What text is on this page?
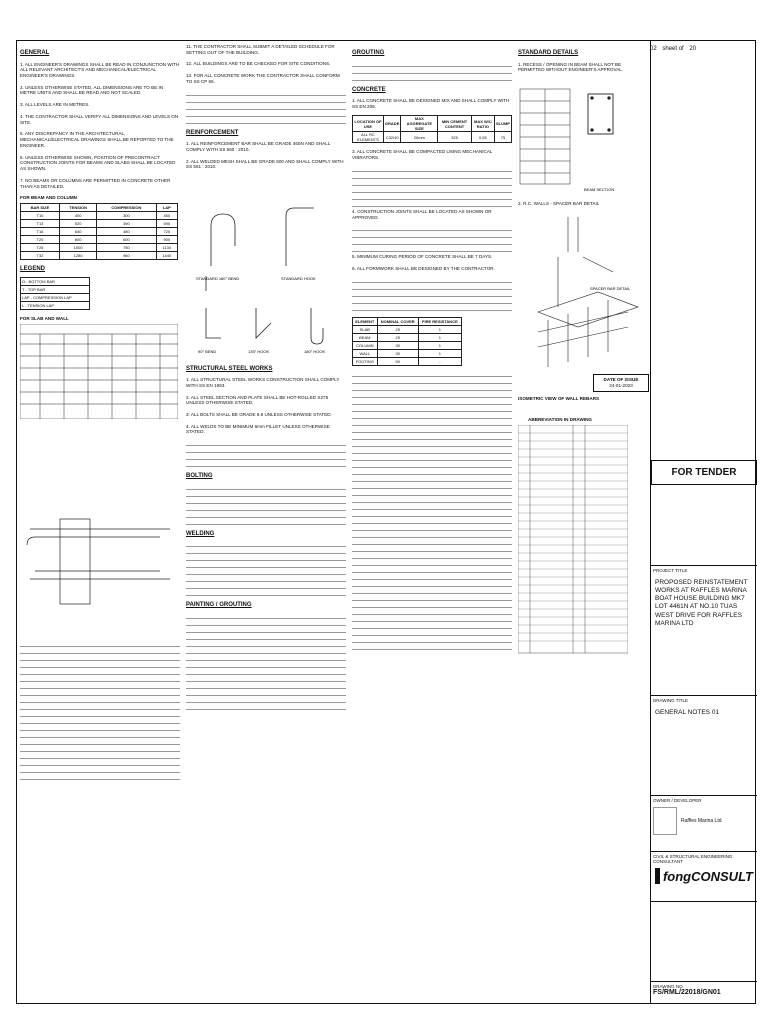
02 sheet of 20
GENERAL

1. ALL ENGINEER'S DRAWINGS SHALL BE READ IN CONJUNCTION WITH ALL RELEVANT ARCHITECT'S AND MECHANICAL/ELECTRICAL ENGINEER'S DRAWINGS.

2. UNLESS OTHERWISE STATED, ALL DIMENSIONS ARE TO BE IN METRE UNITS AND SHALL BE READ AND NOT SCALED.

3. ALL LEVELS ARE IN METRES.

4. THE CONTRACTOR SHALL VERIFY ALL DIMENSIONS AND LEVELS ON SITE.

5. ANY DISCREPANCY IN THE ARCHITECTURAL, MECHANICAL/ELECTRICAL DRAWINGS SHALL BE REPORTED TO THE ENGINEER.

6. UNLESS OTHERWISE SHOWN, POSITION OF PRECONTRACT CONSTRUCTION JOINTS FOR BEAMS AND SLABS SHALL BE LOCATED AS SHOWN.

7. NO BEAMS OR COLUMNS ARE PERMITTED IN CONCRETE OTHER THAN AS DETAILED.

FOR BEAM AND COLUMN
BAR SIZE	TENSION	COMPRESSION	LAP
T10	400	300	450
T13	520	390	590
T16	640	480	720
T20	800	600	900
T25	1000	750	1130
T32	1280	960	1440
LEGEND
Ω - BOTTOM BAR
T - TOP BAR
LAP - COMPRESSION LAP
L - TENSION LAP
FOR SLAB AND WALL

11. THE CONTRACTOR SHALL SUBMIT A DETAILED SCHEDULE FOR SETTING OUT OF THE BUILDING.

12. ALL BUILDINGS ARE TO BE CHECKED FOR SITE CONDITIONS.

13. FOR ALL CONCRETE WORK THE CONTRACTOR SHALL CONFORM TO SS CP 65.

REINFORCEMENT

1. ALL REINFORCEMENT BAR SHALL BE GRADE 460N AND SHALL COMPLY WITH SS 560 : 2010.

2. ALL WELDED MESH SHALL BE GRADE 500 AND SHALL COMPLY WITH SS 561 : 2010.

STANDARD 180° BEND	STANDARD HOOK

90° BEND	135° HOOK	180° HOOK
STRUCTURAL STEEL WORKS

1. ALL STRUCTURAL STEEL WORKS CONSTRUCTION SHALL COMPLY WITH SS EN 1993.

2. ALL STEEL SECTION AND PLATE SHALL BE HOT-ROLLED S275 UNLESS OTHERWISE STATED.

3. ALL BOLTS SHALL BE GRADE 8.8 UNLESS OTHERWISE STATED.

4. ALL WELDS TO BE MINIMUM 6mm FILLET UNLESS OTHERWISE STATED.

BOLTING
WELDING
PAINTING / GROUTING
GROUTING
CONCRETE

1. ALL CONCRETE SHALL BE DESIGNED MIX AND SHALL COMPLY WITH SS EN 206.

LOCATION OF USE	GRADE	MAX AGGREGATE SIZE	MIN CEMENT CONTENT	MAX W/C RATIO	SLUMP
ALL RC ELEMENTS	C32/40	20mm	325	0.55	75

3. ALL CONCRETE SHALL BE COMPACTED USING MECHANICAL VIBRATORS.

4. CONSTRUCTION JOINTS SHALL BE LOCATED AS SHOWN OR APPROVED.

5. MINIMUM CURING PERIOD OF CONCRETE SHALL BE 7 DAYS.

6. ALL FORMWORK SHALL BE DESIGNED BY THE CONTRACTOR.

ELEMENT	NOMINAL COVER	FIRE RESISTANCE
SLAB	25	1
BEAM	25	1
COLUMN	30	1
WALL	30	1
FOOTING	50	-
STANDARD DETAILS

1. RECESS / OPENING IN BEAM SHALL NOT BE PERMITTED WITHOUT ENGINEER'S APPROVAL.

BEAM SECTION

2. R.C. WALLS - SPACER BAR DETAIL

SPACER BAR DETAIL
DATE OF ISSUE
24-01-2023
ISOMETRIC VIEW OF WALL REBARS
ABBREVIATION IN DRAWING
FOR TENDER
PROJECT TITLE
PROPOSED REINSTATEMENT WORKS AT RAFFLES MARINA BOAT HOUSE BUILDING MK7 LOT 4461N AT NO.10 TUAS WEST DRIVE FOR RAFFLES MARINA LTD
DRAWING TITLE
GENERAL NOTES 01
OWNER / DEVELOPER
Raffles Marina Ltd
CIVIL & STRUCTURAL ENGINEERING CONSULTANT
fongCONSULT
DRAWING NO.
FS/RML/22018/GN01
